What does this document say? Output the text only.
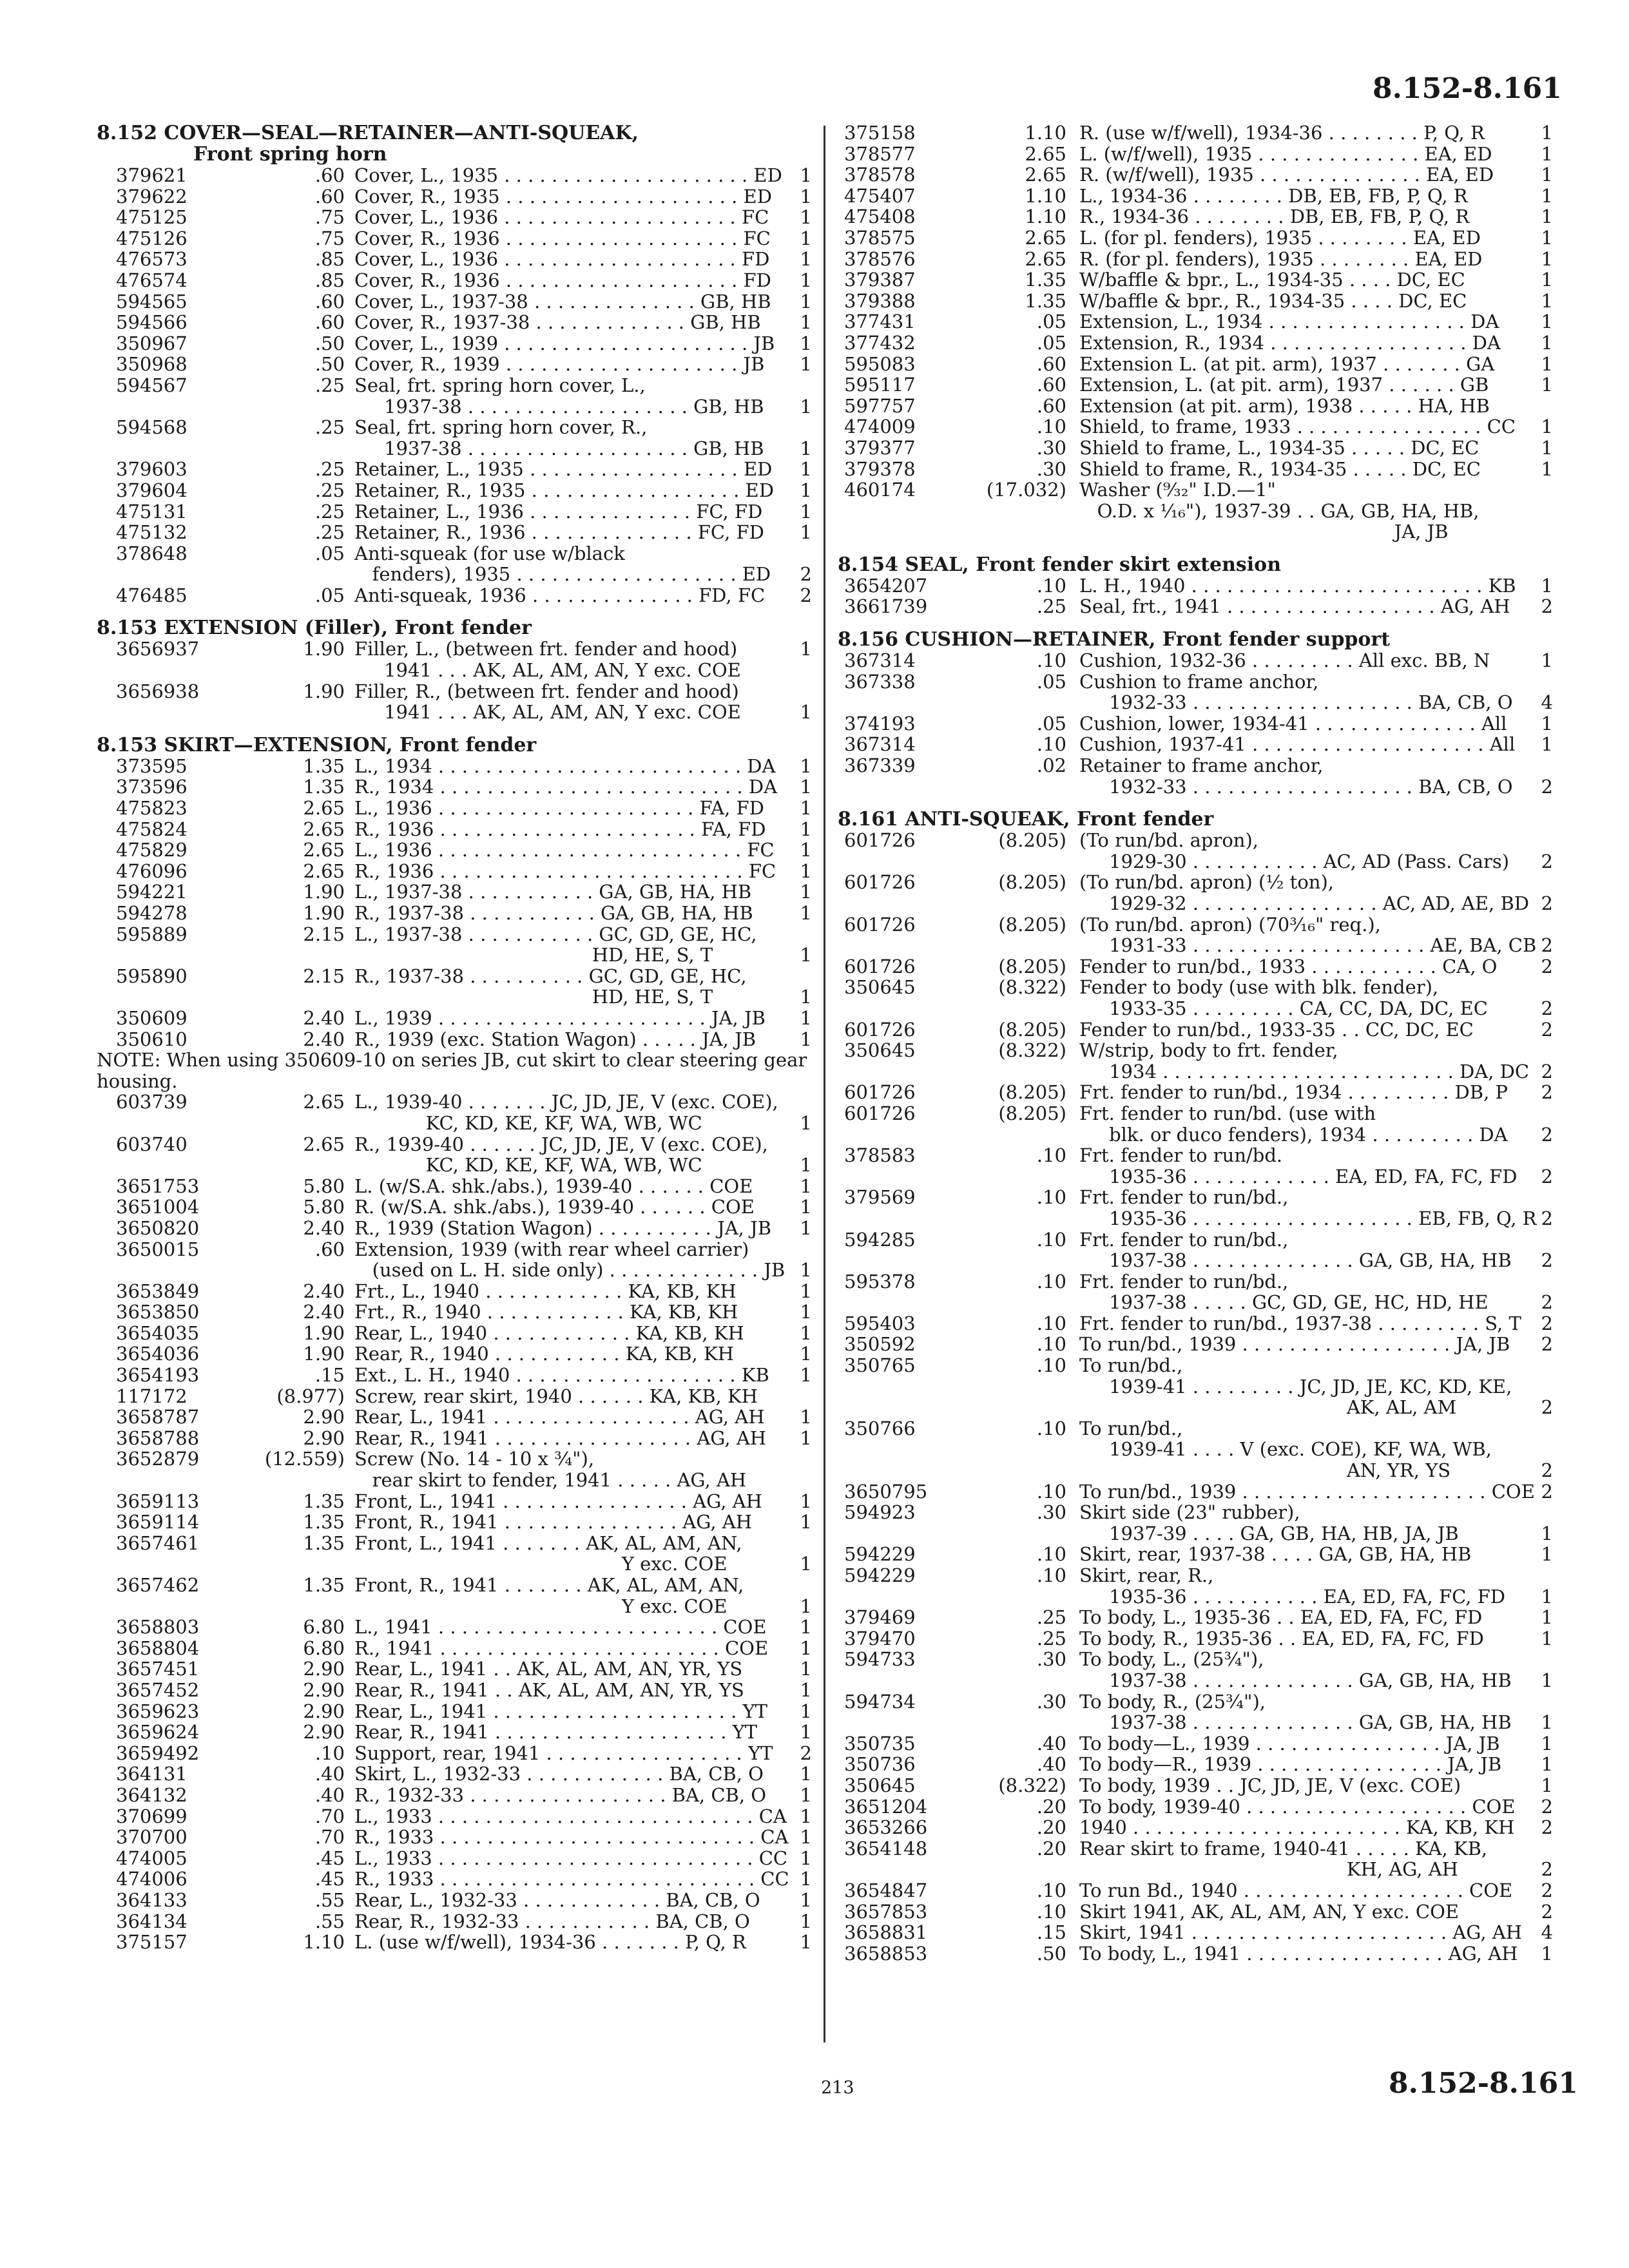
8.152-8.161
8.152 COVER—SEAL—RETAINER—ANTI-SQUEAK,
Front spring horn
379621	.60 Cover, L., 1935 . . . . . . . . . . . . . . . . . . . . . ED 1
379622	.60 Cover, R., 1935 . . . . . . . . . . . . . . . . . . . . ED 1
475125	.75 Cover, L., 1936 . . . . . . . . . . . . . . . . . . . . FC 1
475126	.75 Cover, R., 1936 . . . . . . . . . . . . . . . . . . . . FC 1
476573	.85 Cover, L., 1936 . . . . . . . . . . . . . . . . . . . . FD 1
476574	.85 Cover, R., 1936 . . . . . . . . . . . . . . . . . . . . FD 1
594565	.60 Cover, L., 1937-38 . . . . . . . . . . . . . . GB, HB 1
594566	.60 Cover, R., 1937-38 . . . . . . . . . . . . . GB, HB 1
350967	.50 Cover, L., 1939 . . . . . . . . . . . . . . . . . . . . . JB 1
350968	.50 Cover, R., 1939 . . . . . . . . . . . . . . . . . . . . JB 1
594567	.25 Seal, frt. spring horn cover, L.,
1937-38 . . . . . . . . . . . . . . . . . . . GB, HB 1
594568	.25 Seal, frt. spring horn cover, R.,
1937-38 . . . . . . . . . . . . . . . . . . . GB, HB 1
379603	.25 Retainer, L., 1935 . . . . . . . . . . . . . . . . . . ED 1
379604	.25 Retainer, R., 1935 . . . . . . . . . . . . . . . . . . ED 1
475131	.25 Retainer, L., 1936 . . . . . . . . . . . . . . FC, FD 1
475132	.25 Retainer, R., 1936 . . . . . . . . . . . . . . FC, FD 1
378648	.05 Anti-squeak (for use w/black
fenders), 1935 . . . . . . . . . . . . . . . . . . . ED 2
476485	.05 Anti-squeak, 1936 . . . . . . . . . . . . . . FD, FC 2
8.153 EXTENSION (Filler), Front fender
3656937	1.90 Filler, L., (between frt. fender and hood)	1
1941 . . . AK, AL, AM, AN, Y exc. COE
3656938	1.90 Filler, R., (between frt. fender and hood)
1941 . . . AK, AL, AM, AN, Y exc. COE	1
8.153 SKIRT—EXTENSION, Front fender
373595	1.35 L., 1934 . . . . . . . . . . . . . . . . . . . . . . . . . . DA 1
373596	1.35 R., 1934 . . . . . . . . . . . . . . . . . . . . . . . . . . DA 1
475823	2.65 L., 1936 . . . . . . . . . . . . . . . . . . . . . . FA, FD 1
475824	2.65 R., 1936 . . . . . . . . . . . . . . . . . . . . . . FA, FD 1
475829	2.65 L., 1936 . . . . . . . . . . . . . . . . . . . . . . . . . . FC 1
476096	2.65 R., 1936 . . . . . . . . . . . . . . . . . . . . . . . . . . FC 1
594221	1.90 L., 1937-38 . . . . . . . . . . . GA, GB, HA, HB	1
594278	1.90 R., 1937-38 . . . . . . . . . . . GA, GB, HA, HB	1
595889	2.15 L., 1937-38 . . . . . . . . . . . GC, GD, GE, HC,
HD, HE, S, T	1
595890	2.15 R., 1937-38 . . . . . . . . . . GC, GD, GE, HC,
HD, HE, S, T	1
350609	2.40 L., 1939 . . . . . . . . . . . . . . . . . . . . . . . JA, JB 1
350610	2.40 R., 1939 (exc. Station Wagon) . . . . . JA, JB 1
NOTE: When using 350609-10 on series JB, cut skirt to clear steering gear housing.
603739	2.65 L., 1939-40 . . . . . . . JC, JD, JE, V (exc. COE),
KC, KD, KE, KF, WA, WB, WC	1
603740	2.65 R., 1939-40 . . . . . . JC, JD, JE, V (exc. COE),
KC, KD, KE, KF, WA, WB, WC	1
3651753	5.80 L. (w/S.A. shk./abs.), 1939-40 . . . . . . COE	1
3651004	5.80 R. (w/S.A. shk./abs.), 1939-40 . . . . . . COE 1
3650820	2.40 R., 1939 (Station Wagon) . . . . . . . . . . JA, JB 1
3650015	.60 Extension, 1939 (with rear wheel carrier)
(used on L. H. side only) . . . . . . . . . . . . . JB 1
3653849	2.40 Frt., L., 1940 . . . . . . . . . . . . KA, KB, KH	1
3653850	2.40 Frt., R., 1940 . . . . . . . . . . . . KA, KB, KH	1
3654035	1.90 Rear, L., 1940 . . . . . . . . . . . . KA, KB, KH	1
3654036	1.90 Rear, R., 1940 . . . . . . . . . . . KA, KB, KH	1
3654193	.15 Ext., L. H., 1940 . . . . . . . . . . . . . . . . . . . KB 1
117172	(8.977) Screw, rear skirt, 1940 . . . . . . KA, KB, KH
3658787	2.90 Rear, L., 1941 . . . . . . . . . . . . . . . . . AG, AH 1
3658788	2.90 Rear, R., 1941 . . . . . . . . . . . . . . . . . AG, AH 1
3652879	(12.559) Screw (No. 14 - 10 x ¾"),
rear skirt to fender, 1941 . . . . . AG, AH
3659113	1.35 Front, L., 1941 . . . . . . . . . . . . . . . . AG, AH 1
3659114	1.35 Front, R., 1941 . . . . . . . . . . . . . . . AG, AH	1
3657461	1.35 Front, L., 1941 . . . . . . . AK, AL, AM, AN,
Y exc. COE	1
3657462	1.35 Front, R., 1941 . . . . . . . AK, AL, AM, AN,
Y exc. COE	1
3658803	6.80 L., 1941 . . . . . . . . . . . . . . . . . . . . . . . . COE 1
3658804	6.80 R., 1941 . . . . . . . . . . . . . . . . . . . . . . . . COE 1
3657451	2.90 Rear, L., 1941 . . AK, AL, AM, AN, YR, YS	1
3657452	2.90 Rear, R., 1941 . . AK, AL, AM, AN, YR, YS	1
3659623	2.90 Rear, L., 1941 . . . . . . . . . . . . . . . . . . . . . YT 1
3659624	2.90 Rear, R., 1941 . . . . . . . . . . . . . . . . . . . . YT 1
3659492	.10 Support, rear, 1941 . . . . . . . . . . . . . . . . . YT 2
364131	.40 Skirt, L., 1932-33 . . . . . . . . . . . . BA, CB, O 1
364132	.40 R., 1932-33 . . . . . . . . . . . . . . . . . BA, CB, O 1
370699	.70 L., 1933 . . . . . . . . . . . . . . . . . . . . . . . . . . . CA 1
370700	.70 R., 1933 . . . . . . . . . . . . . . . . . . . . . . . . . . . CA 1
474005	.45 L., 1933 . . . . . . . . . . . . . . . . . . . . . . . . . . . CC 1
474006	.45 R., 1933 . . . . . . . . . . . . . . . . . . . . . . . . . . . CC 1
364133	.55 Rear, L., 1932-33 . . . . . . . . . . . . BA, CB, O 1
364134	.55 Rear, R., 1932-33 . . . . . . . . . . . BA, CB, O	1
375157	1.10 L. (use w/f/well), 1934-36 . . . . . . . P, Q, R	1
375158	1.10 R. (use w/f/well), 1934-36 . . . . . . . . P, Q, R	1
378577	2.65 L. (w/f/well), 1935 . . . . . . . . . . . . . . EA, ED	1
378578	2.65 R. (w/f/well), 1935 . . . . . . . . . . . . . . EA, ED	1
475407	1.10 L., 1934-36 . . . . . . . . DB, EB, FB, P, Q, R	1
475408	1.10 R., 1934-36 . . . . . . . . DB, EB, FB, P, Q, R	1
378575	2.65 L. (for pl. fenders), 1935 . . . . . . . . EA, ED	1
378576	2.65 R. (for pl. fenders), 1935 . . . . . . . . EA, ED	1
379387	1.35 W/baffle & bpr., L., 1934-35 . . . . DC, EC	1
379388	1.35 W/baffle & bpr., R., 1934-35 . . . . DC, EC	1
377431	.05 Extension, L., 1934 . . . . . . . . . . . . . . . . . DA 1
377432	.05 Extension, R., 1934 . . . . . . . . . . . . . . . . . DA 1
595083	.60 Extension L. (at pit. arm), 1937 . . . . . . . GA 1
595117	.60 Extension, L. (at pit. arm), 1937 . . . . . . GB	1
597757	.60 Extension (at pit. arm), 1938 . . . . . HA, HB
474009	.10 Shield, to frame, 1933 . . . . . . . . . . . . . . . . CC 1
379377	.30 Shield to frame, L., 1934-35 . . . . . DC, EC	1
379378	.30 Shield to frame, R., 1934-35 . . . . . DC, EC	1
460174	(17.032) Washer (⁹⁄₃₂" I.D.—1"
O.D. x ¹⁄₁₆"), 1937-39 . . GA, GB, HA, HB,
JA, JB
8.154 SEAL, Front fender skirt extension
3654207	.10 L. H., 1940 . . . . . . . . . . . . . . . . . . . . . . . . . KB 1
3661739	.25 Seal, frt., 1941 . . . . . . . . . . . . . . . . . . AG, AH 2
8.156 CUSHION—RETAINER, Front fender support
367314	.10 Cushion, 1932-36 . . . . . . . . . All exc. BB, N	1
367338	.05 Cushion to frame anchor,
1932-33 . . . . . . . . . . . . . . . . . . . BA, CB, O 4
374193	.05 Cushion, lower, 1934-41 . . . . . . . . . . . . . . All 1
367314	.10 Cushion, 1937-41 . . . . . . . . . . . . . . . . . . . . All 1
367339	.02 Retainer to frame anchor,
1932-33 . . . . . . . . . . . . . . . . . . . BA, CB, O 2
8.161 ANTI-SQUEAK, Front fender
601726	(8.205) (To run/bd. apron),
1929-30 . . . . . . . . . . . AC, AD (Pass. Cars) 2
601726	(8.205) (To run/bd. apron) (½ ton),
1929-32 . . . . . . . . . . . . . . . . AC, AD, AE, BD 2
601726	(8.205) (To run/bd. apron) (70³⁄₁₆" req.),
1931-33 . . . . . . . . . . . . . . . . . . . . AE, BA, CB 2
601726	(8.205) Fender to run/bd., 1933 . . . . . . . . . . . CA, O 2
350645	(8.322) Fender to body (use with blk. fender),
1933-35 . . . . . . . . . CA, CC, DA, DC, EC	2
601726	(8.205) Fender to run/bd., 1933-35 . . CC, DC, EC	2
350645	(8.322) W/strip, body to frt. fender,
1934 . . . . . . . . . . . . . . . . . . . . . . . . . DA, DC 2
601726	(8.205) Frt. fender to run/bd., 1934 . . . . . . . . . DB, P 2
601726	(8.205) Frt. fender to run/bd. (use with
blk. or duco fenders), 1934 . . . . . . . . . DA 2
378583	.10 Frt. fender to run/bd.
1935-36 . . . . . . . . . . . . EA, ED, FA, FC, FD 2
379569	.10 Frt. fender to run/bd.,
1935-36 . . . . . . . . . . . . . . . . . . . EB, FB, Q, R 2
594285	.10 Frt. fender to run/bd.,
1937-38 . . . . . . . . . . . . . . GA, GB, HA, HB 2
595378	.10 Frt. fender to run/bd.,
1937-38 . . . . . GC, GD, GE, HC, HD, HE	2
595403	.10 Frt. fender to run/bd., 1937-38 . . . . . . . . . S, T 2
350592	.10 To run/bd., 1939 . . . . . . . . . . . . . . . . . . JA, JB 2
350765	.10 To run/bd.,
1939-41 . . . . . . . . . JC, JD, JE, KC, KD, KE,
AK, AL, AM	2
350766	.10 To run/bd.,
1939-41 . . . . V (exc. COE), KF, WA, WB,
AN, YR, YS	2
3650795	.10 To run/bd., 1939 . . . . . . . . . . . . . . . . . . . . . COE 2
594923	.30 Skirt side (23" rubber),
1937-39 . . . . GA, GB, HA, HB, JA, JB	1
594229	.10 Skirt, rear, 1937-38 . . . . GA, GB, HA, HB	1
594229	.10 Skirt, rear, R.,
1935-36 . . . . . . . . . . . EA, ED, FA, FC, FD 1
379469	.25 To body, L., 1935-36 . . EA, ED, FA, FC, FD	1
379470	.25 To body, R., 1935-36 . . EA, ED, FA, FC, FD	1
594733	.30 To body, L., (25¾"),
1937-38 . . . . . . . . . . . . . . GA, GB, HA, HB 1
594734	.30 To body, R., (25¾"),
1937-38 . . . . . . . . . . . . . . GA, GB, HA, HB 1
350735	.40 To body—L., 1939 . . . . . . . . . . . . . . . . JA, JB 1
350736	.40 To body—R., 1939 . . . . . . . . . . . . . . . . JA, JB 1
350645	(8.322) To body, 1939 . . JC, JD, JE, V (exc. COE)	1
3651204	.20 To body, 1939-40 . . . . . . . . . . . . . . . . . . . COE 2
3653266	.20 1940 . . . . . . . . . . . . . . . . . . . . . . . KA, KB, KH 2
3654148	.20 Rear skirt to frame, 1940-41 . . . . . KA, KB,
KH, AG, AH	2
3654847	.10 To run Bd., 1940 . . . . . . . . . . . . . . . . . . . COE 2
3657853	.10 Skirt 1941, AK, AL, AM, AN, Y exc. COE	2
3658831	.15 Skirt, 1941 . . . . . . . . . . . . . . . . . . . . . . AG, AH 4
3658853	.50 To body, L., 1941 . . . . . . . . . . . . . . . . . AG, AH 1
213	8.152-8.161
